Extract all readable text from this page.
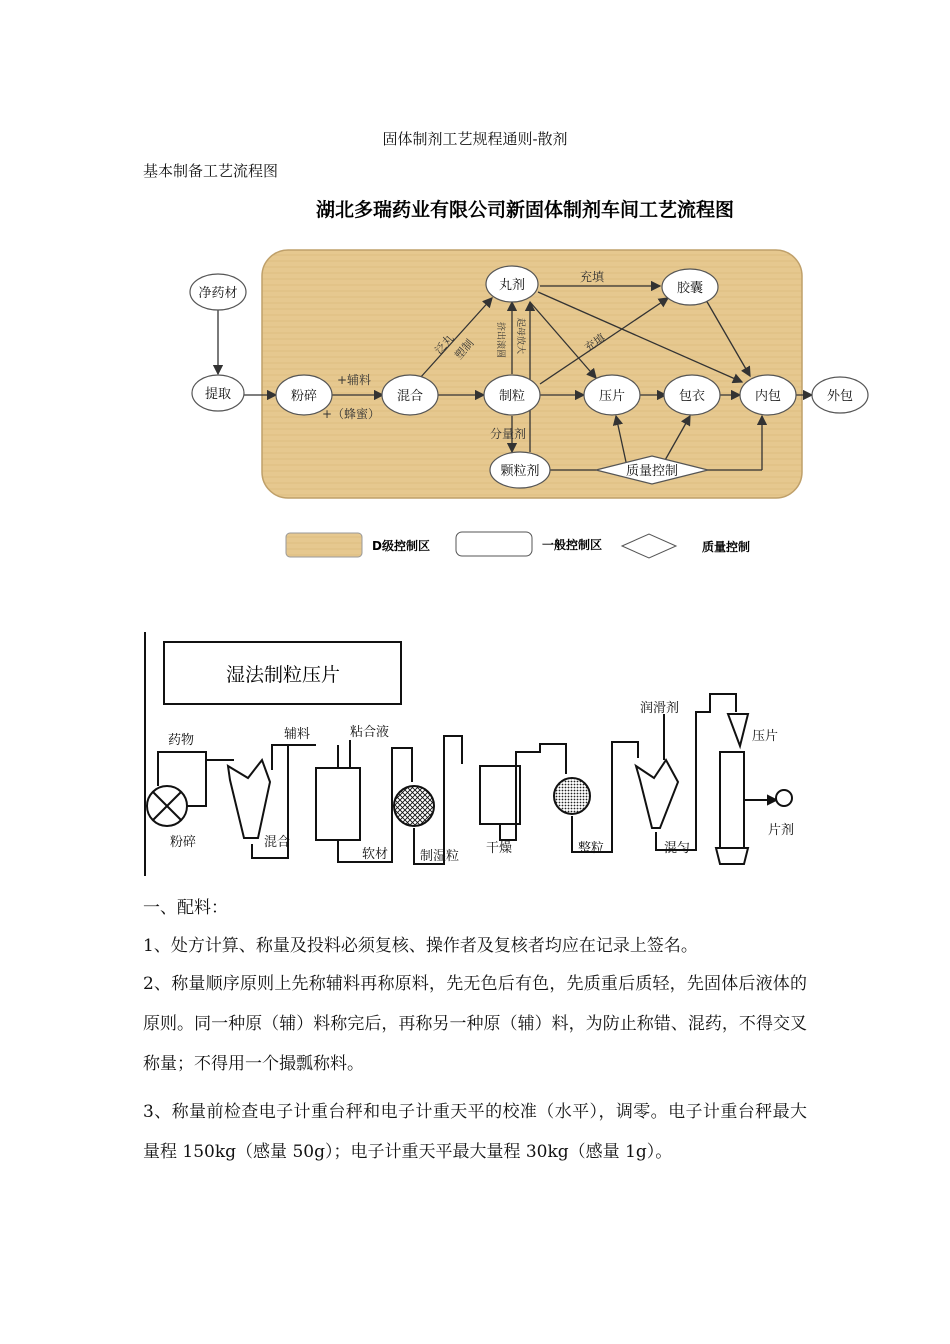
固体制剂工艺规程通则-散剂
基本制备工艺流程图
湖北多瑞药业有限公司新固体制剂车间工艺流程图
净药材
提取	粉碎	混合	制粒
丸剂	胶囊
压片	包衣	内包	外包
颗粒剂	质量控制
+辅料
+（蜂蜜）
充填
分量剂
泛丸
塑制	充填
挤出滚圆 起母放大
D级控制区	一般控制区	质量控制
湿法制粒压片
药物
粉碎
辅料
混合
粘合液
软材 制湿粒
干燥	整粒
润滑剂
混匀
压片
片剂
一、配料：
1、处方计算、称量及投料必须复核、操作者及复核者均应在记录上签名。
2、称量顺序原则上先称辅料再称原料，先无色后有色，先质重后质轻，先固体后液体的原则。同一种原（辅）料称完后，再称另一种原（辅）料，为防止称错、混药，不得交叉称量；不得用一个撮瓢称料。
3、称量前检查电子计重台秤和电子计重天平的校准（水平），调零。电子计重台秤最大量程 150kg（感量 50g）；电子计重天平最大量程 30kg（感量 1g）。
